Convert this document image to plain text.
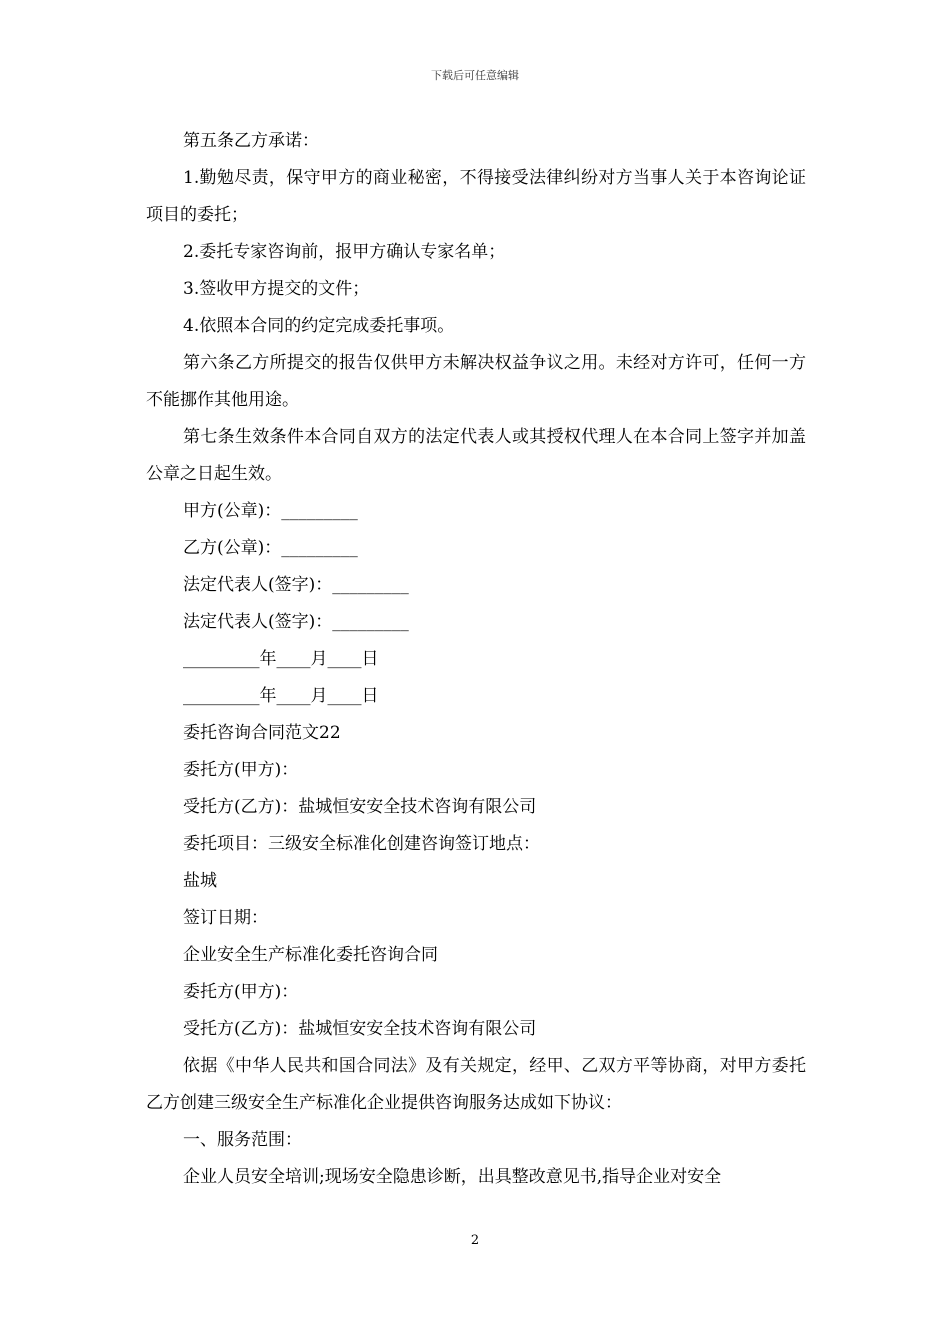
下载后可任意编辑

第五条乙方承诺：

1.勤勉尽责，保守甲方的商业秘密，不得接受法律纠纷对方当事人关于本咨询论证项目的委托；

2.委托专家咨询前，报甲方确认专家名单；

3.签收甲方提交的文件；

4.依照本合同的约定完成委托事项。

第六条乙方所提交的报告仅供甲方未解决权益争议之用。未经对方许可，任何一方不能挪作其他用途。

第七条生效条件本合同自双方的法定代表人或其授权代理人在本合同上签字并加盖公章之日起生效。

甲方(公章)：_________

乙方(公章)：_________

法定代表人(签字)：_________

法定代表人(签字)：_________

_________年____月____日

_________年____月____日

委托咨询合同范文22

委托方(甲方)：

受托方(乙方)：盐城恒安安全技术咨询有限公司

委托项目：三级安全标准化创建咨询签订地点：

盐城

签订日期：

企业安全生产标准化委托咨询合同

委托方(甲方)：

受托方(乙方)：盐城恒安安全技术咨询有限公司

依据《中华人民共和国合同法》及有关规定，经甲、乙双方平等协商，对甲方委托乙方创建三级安全生产标准化企业提供咨询服务达成如下协议：

一、服务范围：

企业人员安全培训;现场安全隐患诊断，出具整改意见书,指导企业对安全

2
